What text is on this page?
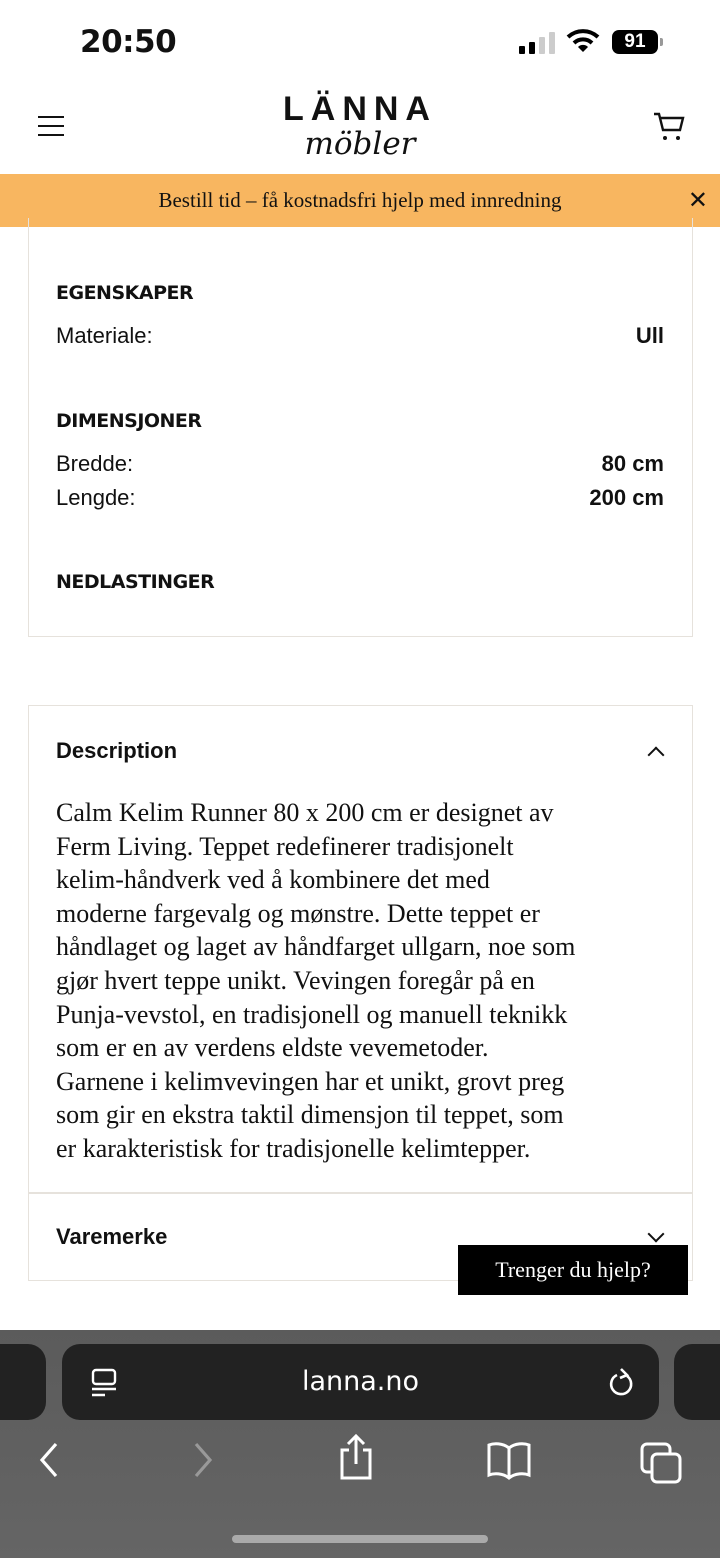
20:50	91
LÄNNA
möbler
Bestill tid – få kostnadsfri hjelp med innredning	✕
EGENSKAPER
Materiale:	Ull
DIMENSJONER
Bredde:	80 cm
Lengde:	200 cm
NEDLASTINGER
Description
Calm Kelim Runner 80 x 200 cm er designet av
Ferm Living. Teppet redefinerer tradisjonelt
kelim-håndverk ved å kombinere det med
moderne fargevalg og mønstre. Dette teppet er
håndlaget og laget av håndfarget ullgarn, noe som
gjør hvert teppe unikt. Vevingen foregår på en
Punja-vevstol, en tradisjonell og manuell teknikk
som er en av verdens eldste vevemetoder.
Garnene i kelimvevingen har et unikt, grovt preg
som gir en ekstra taktil dimensjon til teppet, som
er karakteristisk for tradisjonelle kelimtepper.
Varemerke
Trenger du hjelp?
lanna.no
